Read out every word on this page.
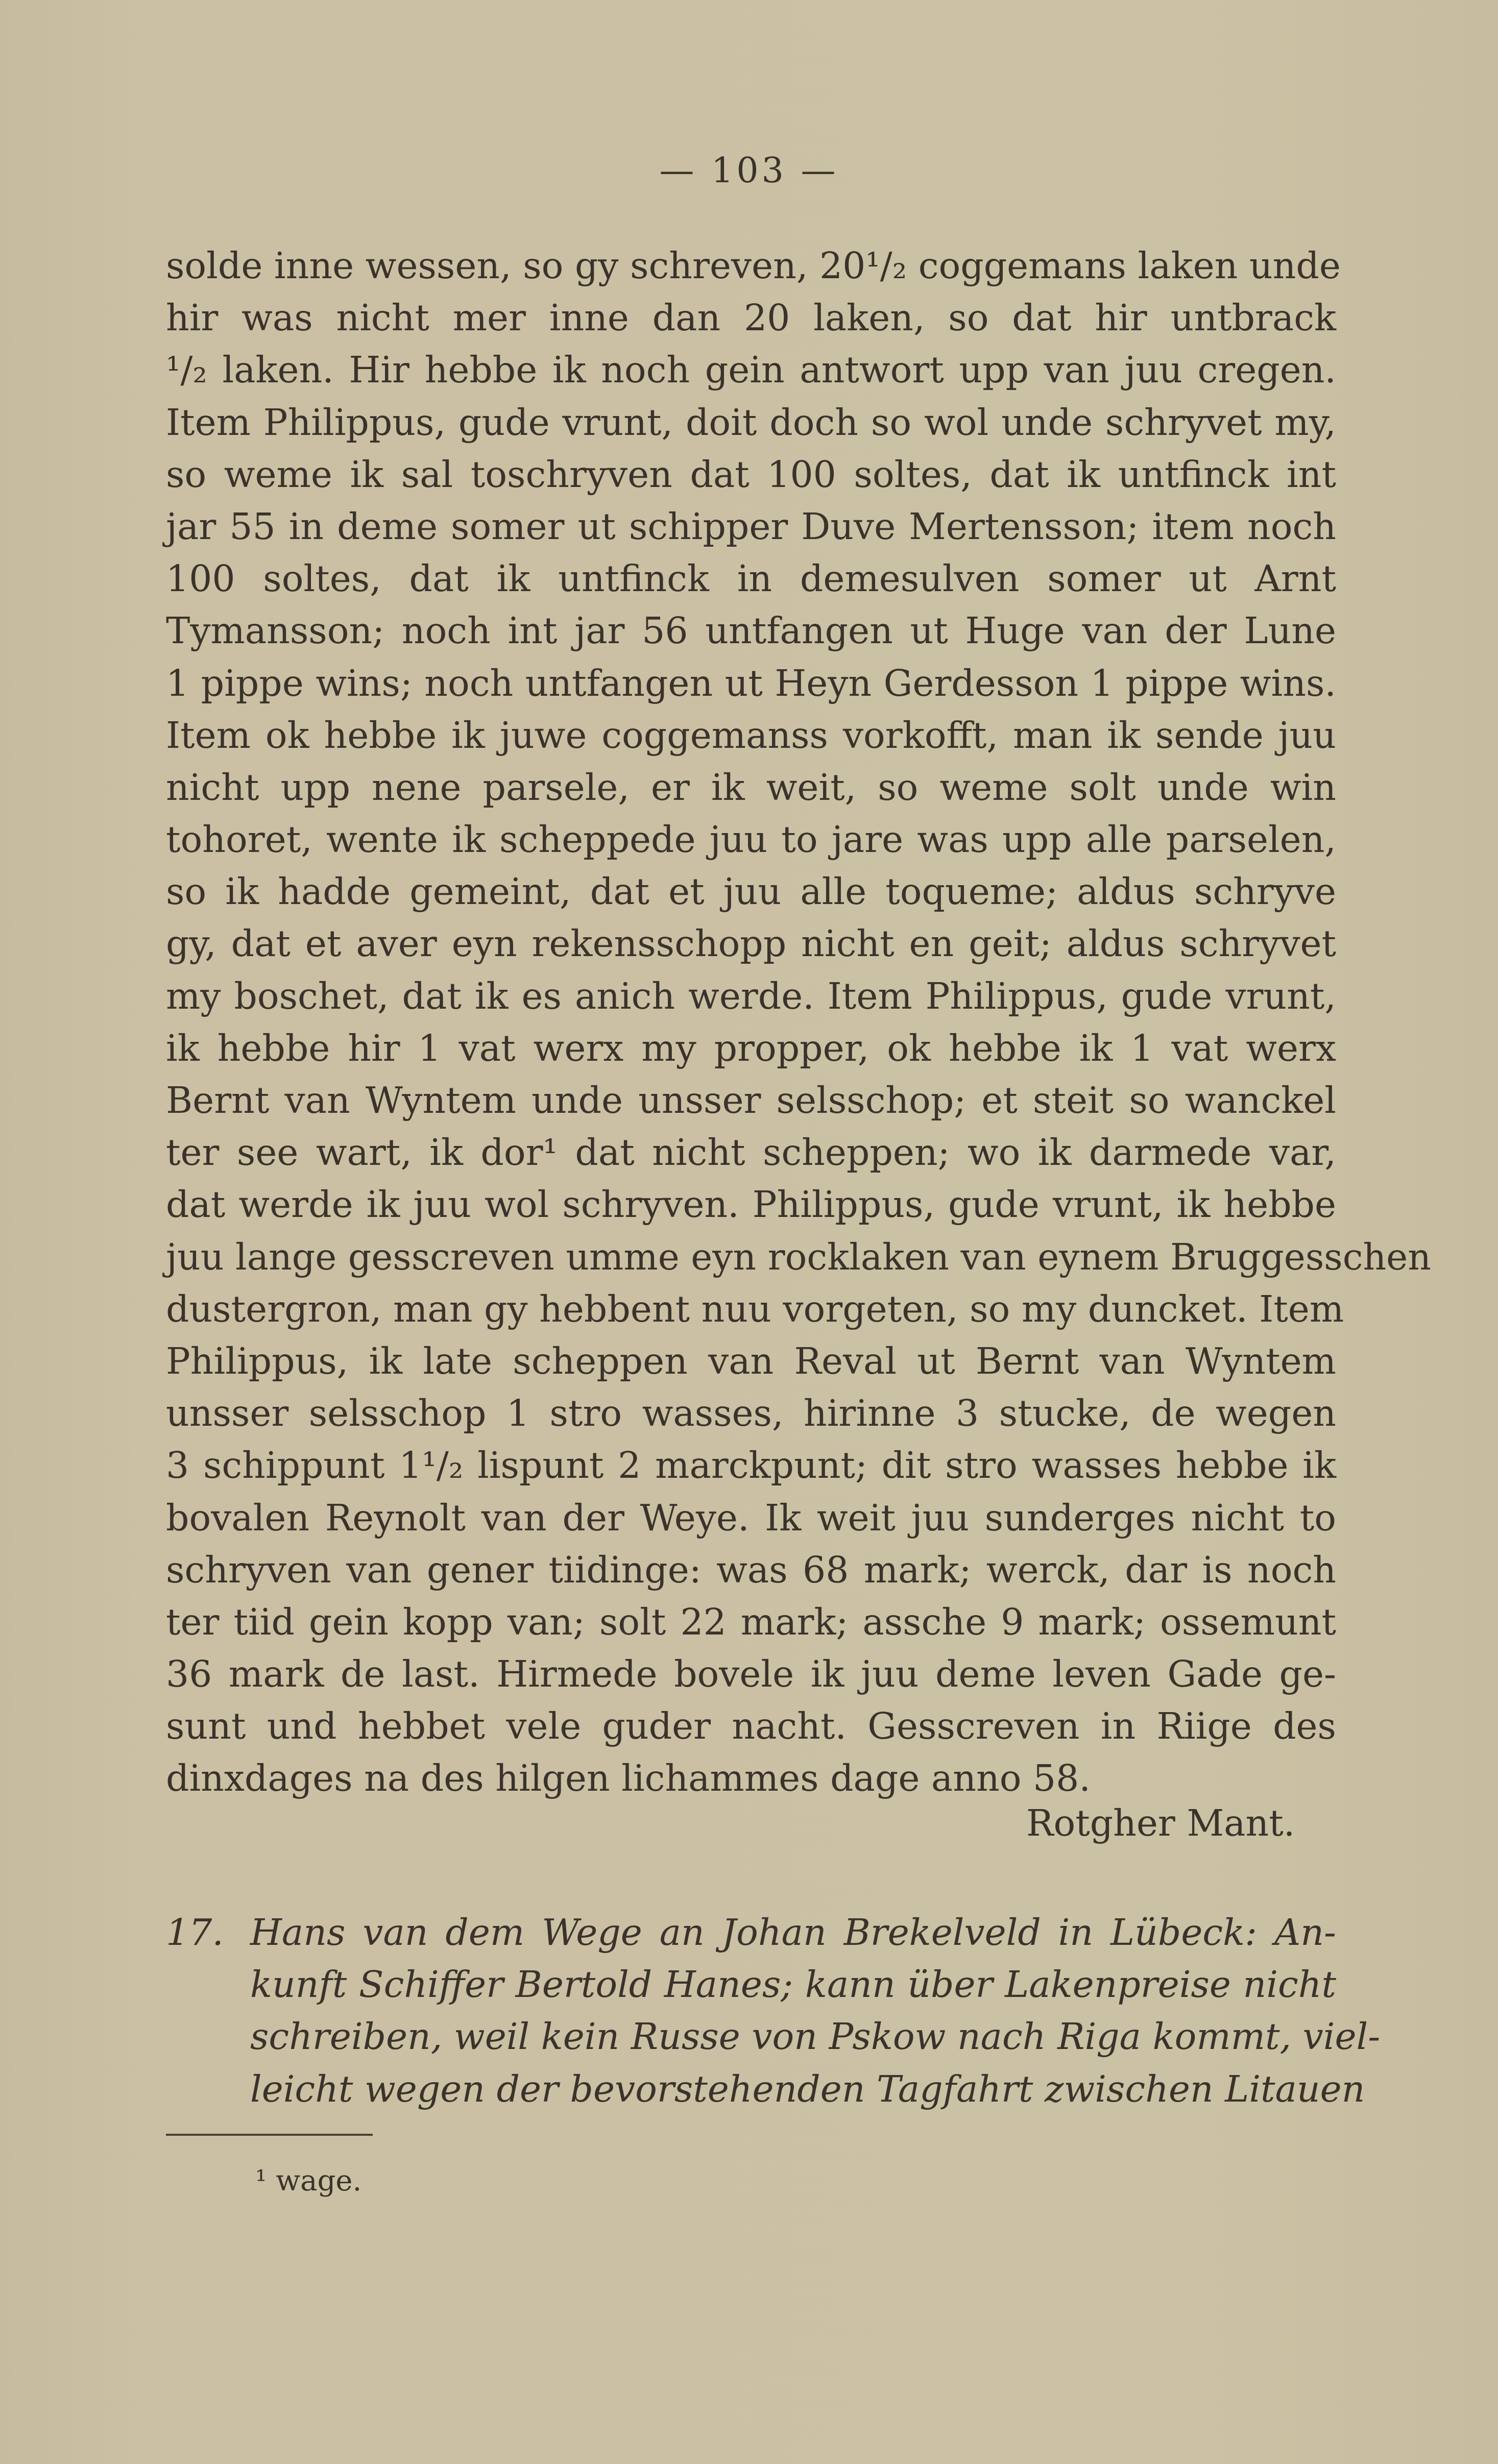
— 103 —
solde inne wessen, so gy schreven, 20¹/₂ coggemans laken unde
hir was nicht mer inne dan 20 laken, so dat hir untbrack
¹/₂ laken. Hir hebbe ik noch gein antwort upp van juu cregen.
Item Philippus, gude vrunt, doit doch so wol unde schryvet my,
so weme ik sal toschryven dat 100 soltes, dat ik untfinck int
jar 55 in deme somer ut schipper Duve Mertensson; item noch
100 soltes, dat ik untfinck in demesulven somer ut Arnt
Tymansson; noch int jar 56 untfangen ut Huge van der Lune
1 pippe wins; noch untfangen ut Heyn Gerdesson 1 pippe wins.
Item ok hebbe ik juwe coggemanss vorkofft, man ik sende juu
nicht upp nene parsele, er ik weit, so weme solt unde win
tohoret, wente ik scheppede juu to jare was upp alle parselen,
so ik hadde gemeint, dat et juu alle toqueme; aldus schryve
gy, dat et aver eyn rekensschopp nicht en geit; aldus schryvet
my boschet, dat ik es anich werde. Item Philippus, gude vrunt,
ik hebbe hir 1 vat werx my propper, ok hebbe ik 1 vat werx
Bernt van Wyntem unde unsser selsschop; et steit so wanckel
ter see wart, ik dor¹ dat nicht scheppen; wo ik darmede var,
dat werde ik juu wol schryven. Philippus, gude vrunt, ik hebbe
juu lange gesscreven umme eyn rocklaken van eynem Bruggesschen
dustergron, man gy hebbent nuu vorgeten, so my duncket. Item
Philippus, ik late scheppen van Reval ut Bernt van Wyntem
unsser selsschop 1 stro wasses, hirinne 3 stucke, de wegen
3 schippunt 1¹/₂ lispunt 2 marckpunt; dit stro wasses hebbe ik
bovalen Reynolt van der Weye. Ik weit juu sunderges nicht to
schryven van gener tiidinge: was 68 mark; werck, dar is noch
ter tiid gein kopp van; solt 22 mark; assche 9 mark; ossemunt
36 mark de last. Hirmede bovele ik juu deme leven Gade ge-
sunt und hebbet vele guder nacht. Gesscreven in Riige des
dinxdages na des hilgen lichammes dage anno 58.
Rotgher Mant.
17. Hans van dem Wege an Johan Brekelveld in Lübeck: An-
kunft Schiffer Bertold Hanes; kann über Lakenpreise nicht
schreiben, weil kein Russe von Pskow nach Riga kommt, viel-
leicht wegen der bevorstehenden Tagfahrt zwischen Litauen
¹ wage.
